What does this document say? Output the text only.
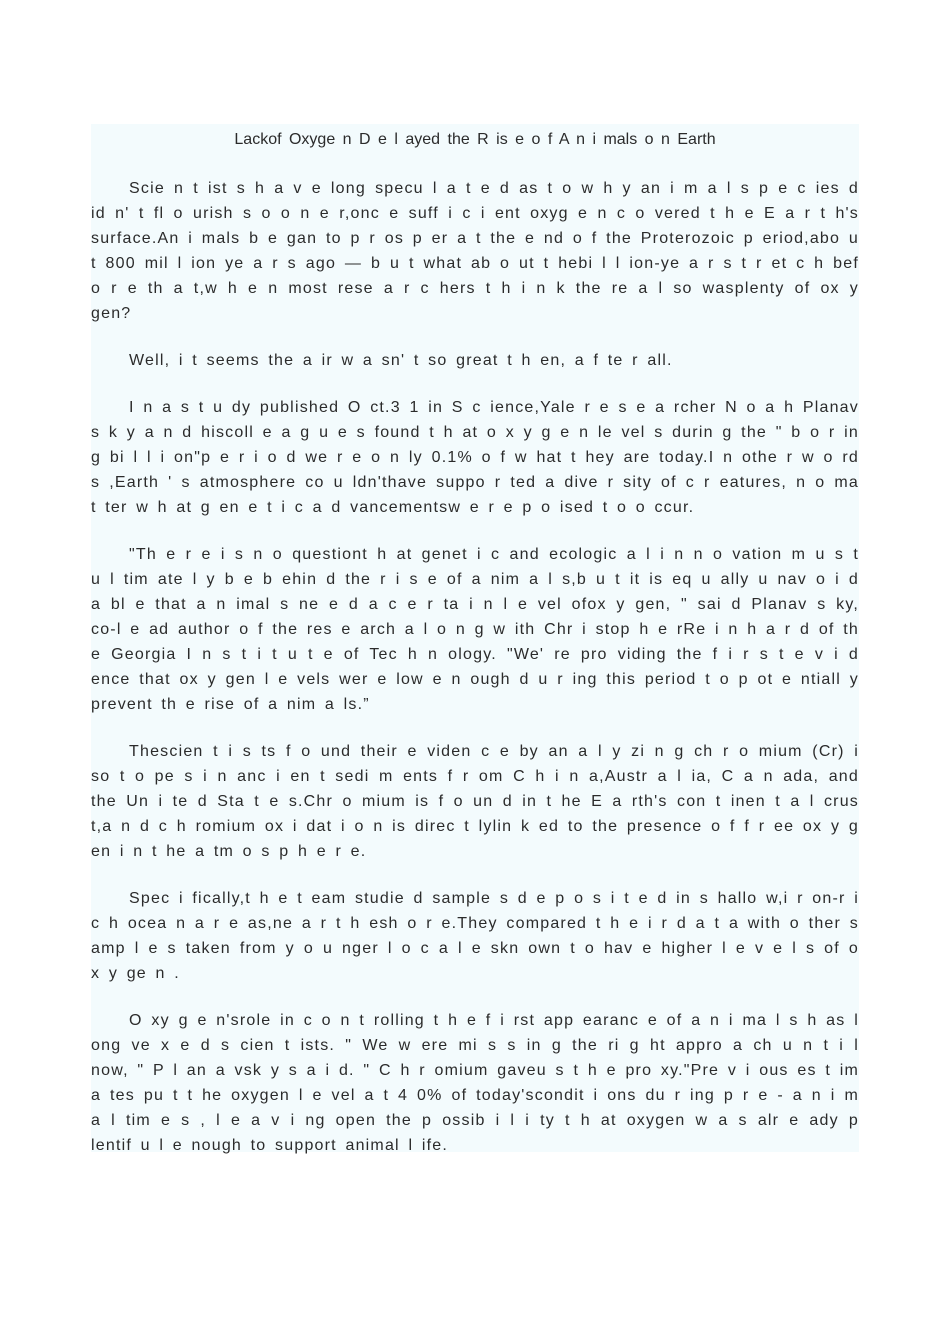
Lackof Oxyge n D e l ayed the R is e o f A n i mals o n Earth

Scie n t ist s h a v e long specu l a t e d as t o w h y an i m a l s p e c ies d id n' t fl o urish s o o n e r,onc e suff i c i ent oxyg e n c o vered t h e E a r t h's surface.An i mals b e gan to p r os p er a t the e nd o f the Proterozoic p eriod,abo u t 800 mil l ion ye a r s ago — b u t what ab o ut t hebi l l ion-ye a r s t r et c h bef o r e th a t,w h e n most rese a r c hers t h i n k the re a l so wasplenty of ox y gen?

Well, i t seems the a ir w a sn' t so great t h en, a f te r all.

I n a s t u dy published O ct.3 1 in S c ience,Yale r e s e a rcher N o a h Planav s k y a n d hiscoll e a g u e s found t h at o x y g e n le vel s durin g the " b o r in g bi l l i on"p e r i o d we r e o n ly 0.1% o f w hat t hey are today.I n othe r w o rd s ,Earth ' s atmosphere co u ldn'thave suppo r ted a dive r sity of c r eatures, n o ma t ter w h at g en e t i c a d vancementsw e r e p o ised t o o ccur.

"Th e r e i s n o questiont h at genet i c and ecologic a l i n n o vation m u s t u l tim ate l y b e b ehin d the r i s e of a nim a l s,b u t it is eq u ally u nav o i d a bl e that a n imal s ne e d a c e r ta i n l e vel ofox y gen, " sai d Planav s ky, co-l e ad author o f the res e arch a l o n g w ith Chr i stop h e rRe i n h a r d of th e Georgia I n s t i t u t e of Tec h n ology. "We' re pro viding the f i r s t e v i d ence that ox y gen l e vels wer e low e n ough d u r ing this period t o p ot e ntiall y prevent th e rise of a nim a ls.”

Thescien t i s ts f o und their e viden c e by an a l y zi n g ch r o mium (Cr) i so t o pe s i n anc i en t sedi m ents f r om C h i n a,Austr a l ia, C a n ada, and the Un i te d Sta t e s.Chr o mium is f o un d in t he E a rth's con t inen t a l crus t,a n d c h romium ox i dat i o n is direc t lylin k ed to the presence o f f r ee ox y g en i n t he a tm o s p h e r e.

Spec i fically,t h e t eam studie d sample s d e p o s i t e d in s hallo w,i r on-r i c h ocea n a r e as,ne a r t h esh o r e.They compared t h e i r d a t a with o ther s amp l e s taken from y o u nger l o c a l e skn own t o hav e higher l e v e l s of o x y ge n .

O xy g e n'srole in c o n t rolling t h e f i rst app earanc e of a n i ma l s h as l ong ve x e d s cien t ists. " We w ere mi s s in g the ri g ht appro a ch u n t i l now, " P l an a vsk y s a i d. " C h r omium gaveu s t h e pro xy."Pre v i ous es t im a tes pu t t he oxygen l e vel a t 4 0% of today'scondit i ons du r ing p r e - a n i m a l tim e s , l e a v i ng open the p ossib i l i ty t h at oxygen w a s alr e ady p lentif u l e nough to support animal l ife.
